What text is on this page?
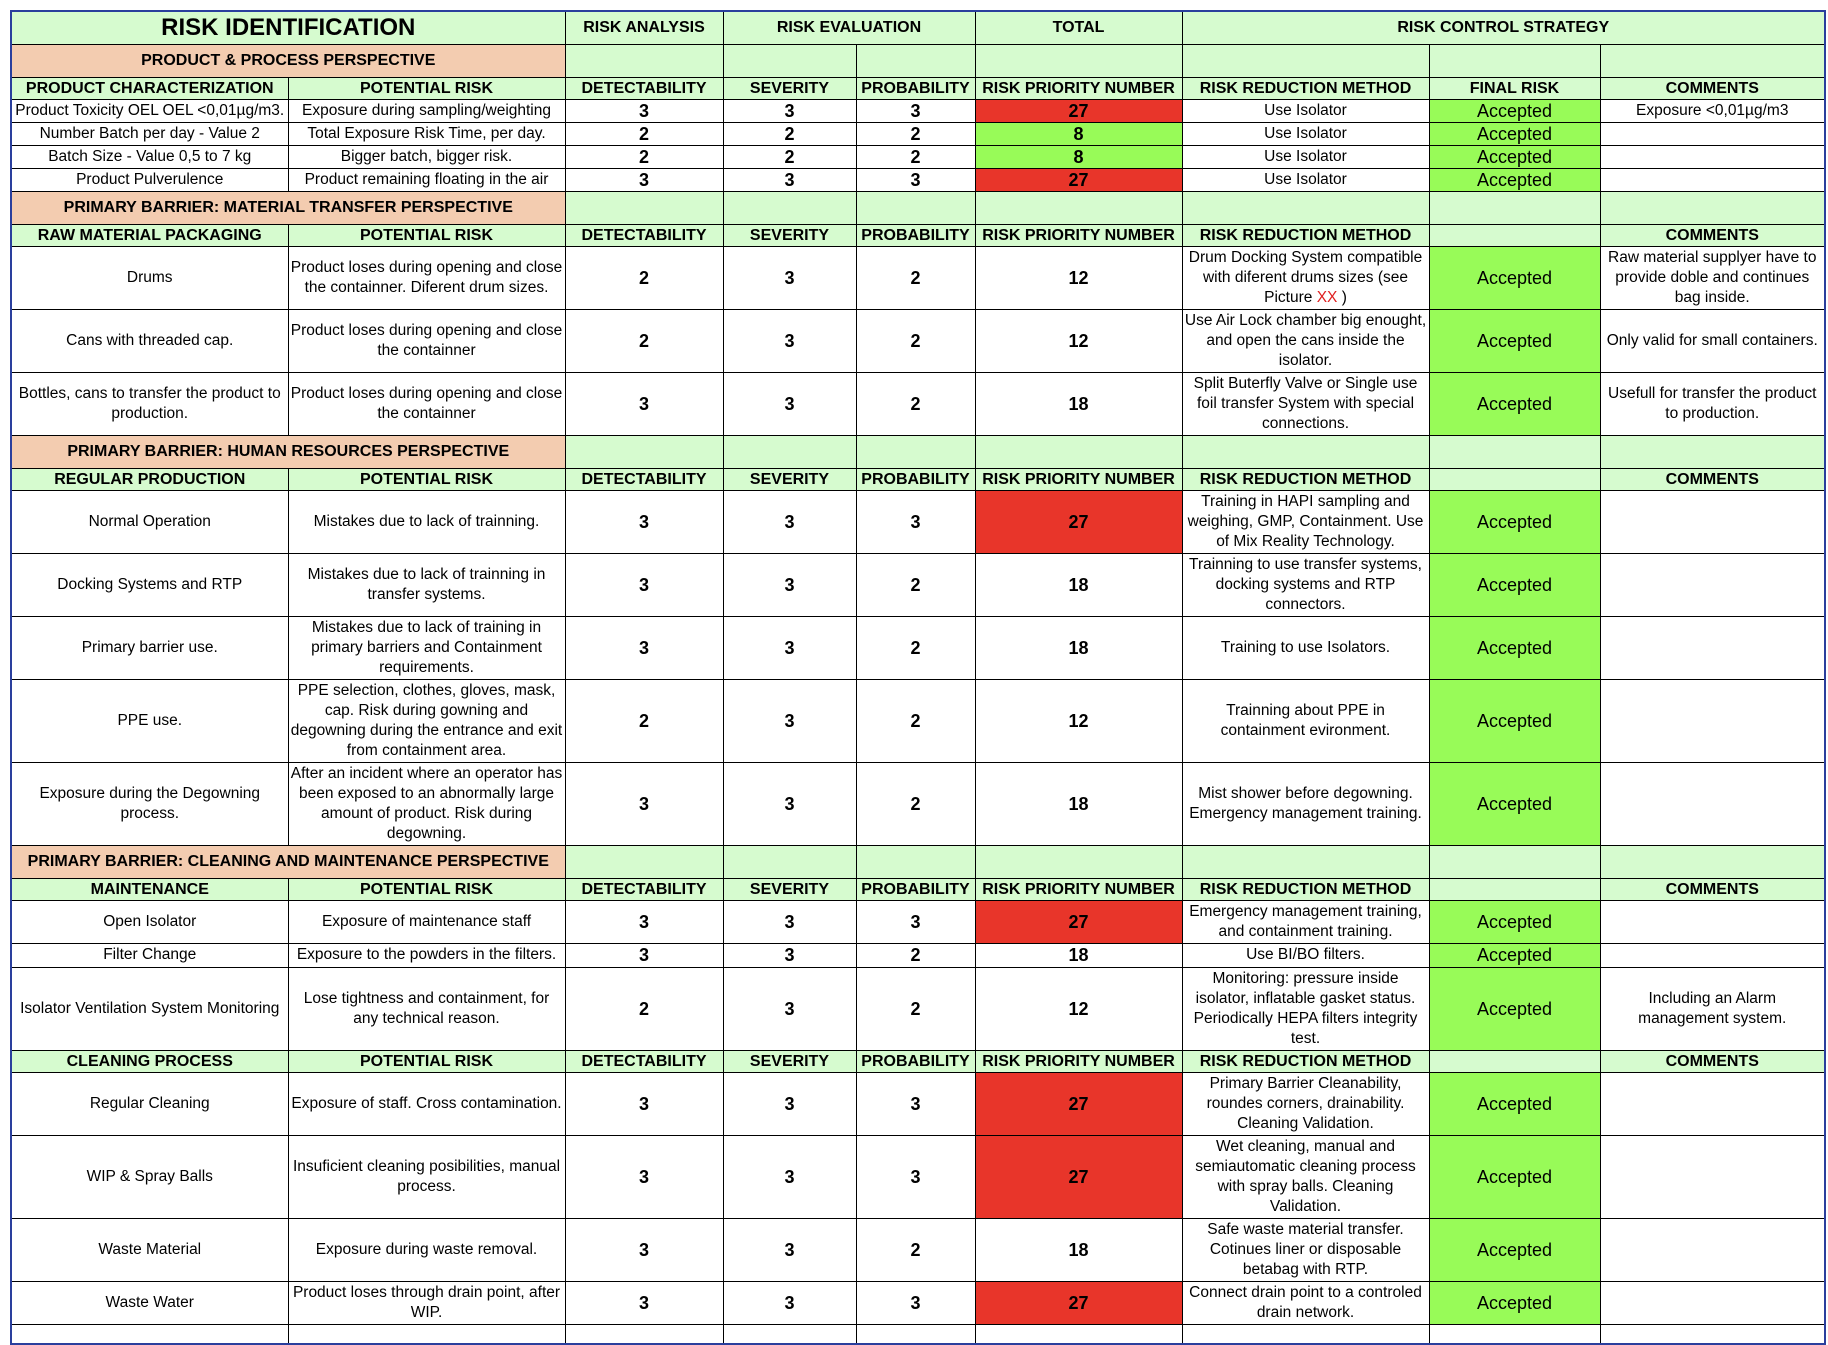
RISK IDENTIFICATION		RISK ANALYSIS	RISK EVALUATION		TOTAL	RISK CONTROL STRATEGY		
PRODUCT & PROCESS PERSPECTIVE								
PRODUCT CHARACTERIZATION	POTENTIAL RISK	DETECTABILITY	SEVERITY	PROBABILITY	RISK PRIORITY NUMBER	RISK REDUCTION METHOD	FINAL RISK	COMMENTS
Product Toxicity OEL OEL <0,01µg/m3.	Exposure during sampling/weighting	3	3	3	27	Use Isolator	Accepted	Exposure <0,01µg/m3
Number Batch per day - Value 2	Total Exposure Risk Time, per day.	2	2	2	8	Use Isolator	Accepted	
Batch Size - Value 0,5 to 7 kg	Bigger batch, bigger risk.	2	2	2	8	Use Isolator	Accepted	
Product Pulverulence	Product remaining floating in the air	3	3	3	27	Use Isolator	Accepted	
PRIMARY BARRIER: MATERIAL TRANSFER PERSPECTIVE								
RAW MATERIAL PACKAGING	POTENTIAL RISK	DETECTABILITY	SEVERITY	PROBABILITY	RISK PRIORITY NUMBER	RISK REDUCTION METHOD		COMMENTS
Drums	Product loses during opening and close the containner. Diferent drum sizes.	2	3	2	12	Drum Docking System compatible with diferent drums sizes (see Picture XX )	Accepted	Raw material supplyer have to provide doble and continues bag inside.
Cans with threaded cap.	Product loses during opening and close the containner	2	3	2	12	Use Air Lock chamber big enought, and open the cans inside the isolator.	Accepted	Only valid for small containers.
Bottles, cans to transfer the product to production.	Product loses during opening and close the containner	3	3	2	18	Split Buterfly Valve or Single use foil transfer System with special connections.	Accepted	Usefull for transfer the product to production.
PRIMARY BARRIER: HUMAN RESOURCES PERSPECTIVE								
REGULAR PRODUCTION	POTENTIAL RISK	DETECTABILITY	SEVERITY	PROBABILITY	RISK PRIORITY NUMBER	RISK REDUCTION METHOD		COMMENTS
Normal Operation	Mistakes due to lack of trainning.	3	3	3	27	Training in HAPI sampling and weighing, GMP, Containment. Use of Mix Reality Technology.	Accepted	
Docking Systems and RTP	Mistakes due to lack of trainning in transfer systems.	3	3	2	18	Trainning to use transfer systems, docking systems and RTP connectors.	Accepted	
Primary barrier use.	Mistakes due to lack of training in primary barriers and Containment requirements.	3	3	2	18	Training to use Isolators.	Accepted	
PPE use.	PPE selection, clothes, gloves, mask, cap. Risk during gowning and degowning during the entrance and exit from containment area.	2	3	2	12	Trainning about PPE in containment evironment.	Accepted	
Exposure during the Degowning process.	After an incident where an operator has been exposed to an abnormally large amount of product. Risk during degowning.	3	3	2	18	Mist shower before degowning. Emergency management training.	Accepted	
PRIMARY BARRIER: CLEANING AND MAINTENANCE PERSPECTIVE								
MAINTENANCE	POTENTIAL RISK	DETECTABILITY	SEVERITY	PROBABILITY	RISK PRIORITY NUMBER	RISK REDUCTION METHOD		COMMENTS
Open Isolator	Exposure of maintenance staff	3	3	3	27	Emergency management training, and containment training.	Accepted	
Filter Change	Exposure to the powders in the filters.	3	3	2	18	Use BI/BO filters.	Accepted	
Isolator Ventilation System Monitoring	Lose tightness and containment, for any technical reason.	2	3	2	12	Monitoring: pressure inside isolator, inflatable gasket status. Periodically HEPA filters integrity test.	Accepted	Including an Alarm management system.
CLEANING PROCESS	POTENTIAL RISK	DETECTABILITY	SEVERITY	PROBABILITY	RISK PRIORITY NUMBER	RISK REDUCTION METHOD		COMMENTS
Regular Cleaning	Exposure of staff. Cross contamination.	3	3	3	27	Primary Barrier Cleanability, roundes corners, drainability. Cleaning Validation.	Accepted	
WIP & Spray Balls	Insuficient cleaning posibilities, manual process.	3	3	3	27	Wet cleaning, manual and semiautomatic cleaning process with spray balls. Cleaning Validation.	Accepted	
Waste Material	Exposure during waste removal.	3	3	2	18	Safe waste material transfer. Cotinues liner or disposable betabag with RTP.	Accepted	
Waste Water	Product loses through drain point, after WIP.	3	3	3	27	Connect drain point to a controled drain network.	Accepted	
